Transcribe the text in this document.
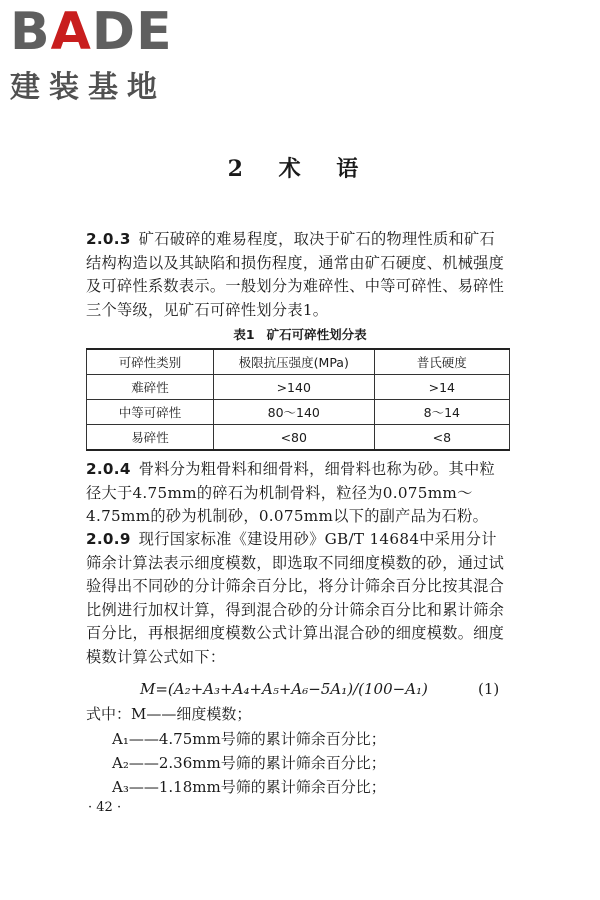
BADE
建装基地
2 术 语
2.0.3 矿石破碎的难易程度，取决于矿石的物理性质和矿石结构构造以及其缺陷和损伤程度，通常由矿石硬度、机械强度及可碎性系数表示。一般划分为难碎性、中等可碎性、易碎性三个等级，见矿石可碎性划分表1。
表1 矿石可碎性划分表
可碎性类别	极限抗压强度(MPa)	普氏硬度
难碎性	>140	>14
中等可碎性	80～140	8～14
易碎性	<80	<8
2.0.4 骨料分为粗骨料和细骨料，细骨料也称为砂。其中粒径大于4.75mm的碎石为机制骨料，粒径为0.075mm～4.75mm的砂为机制砂，0.075mm以下的副产品为石粉。
2.0.9 现行国家标准《建设用砂》GB/T 14684中采用分计筛余计算法表示细度模数，即选取不同细度模数的砂，通过试验得出不同砂的分计筛余百分比，将分计筛余百分比按其混合比例进行加权计算，得到混合砂的分计筛余百分比和累计筛余百分比，再根据细度模数公式计算出混合砂的细度模数。细度模数计算公式如下：
M=(A₂+A₃+A₄+A₅+A₆−5A₁)/(100−A₁)	(1)
式中：M——细度模数；
A₁——4.75mm号筛的累计筛余百分比；
A₂——2.36mm号筛的累计筛余百分比；
A₃——1.18mm号筛的累计筛余百分比；
· 42 ·
